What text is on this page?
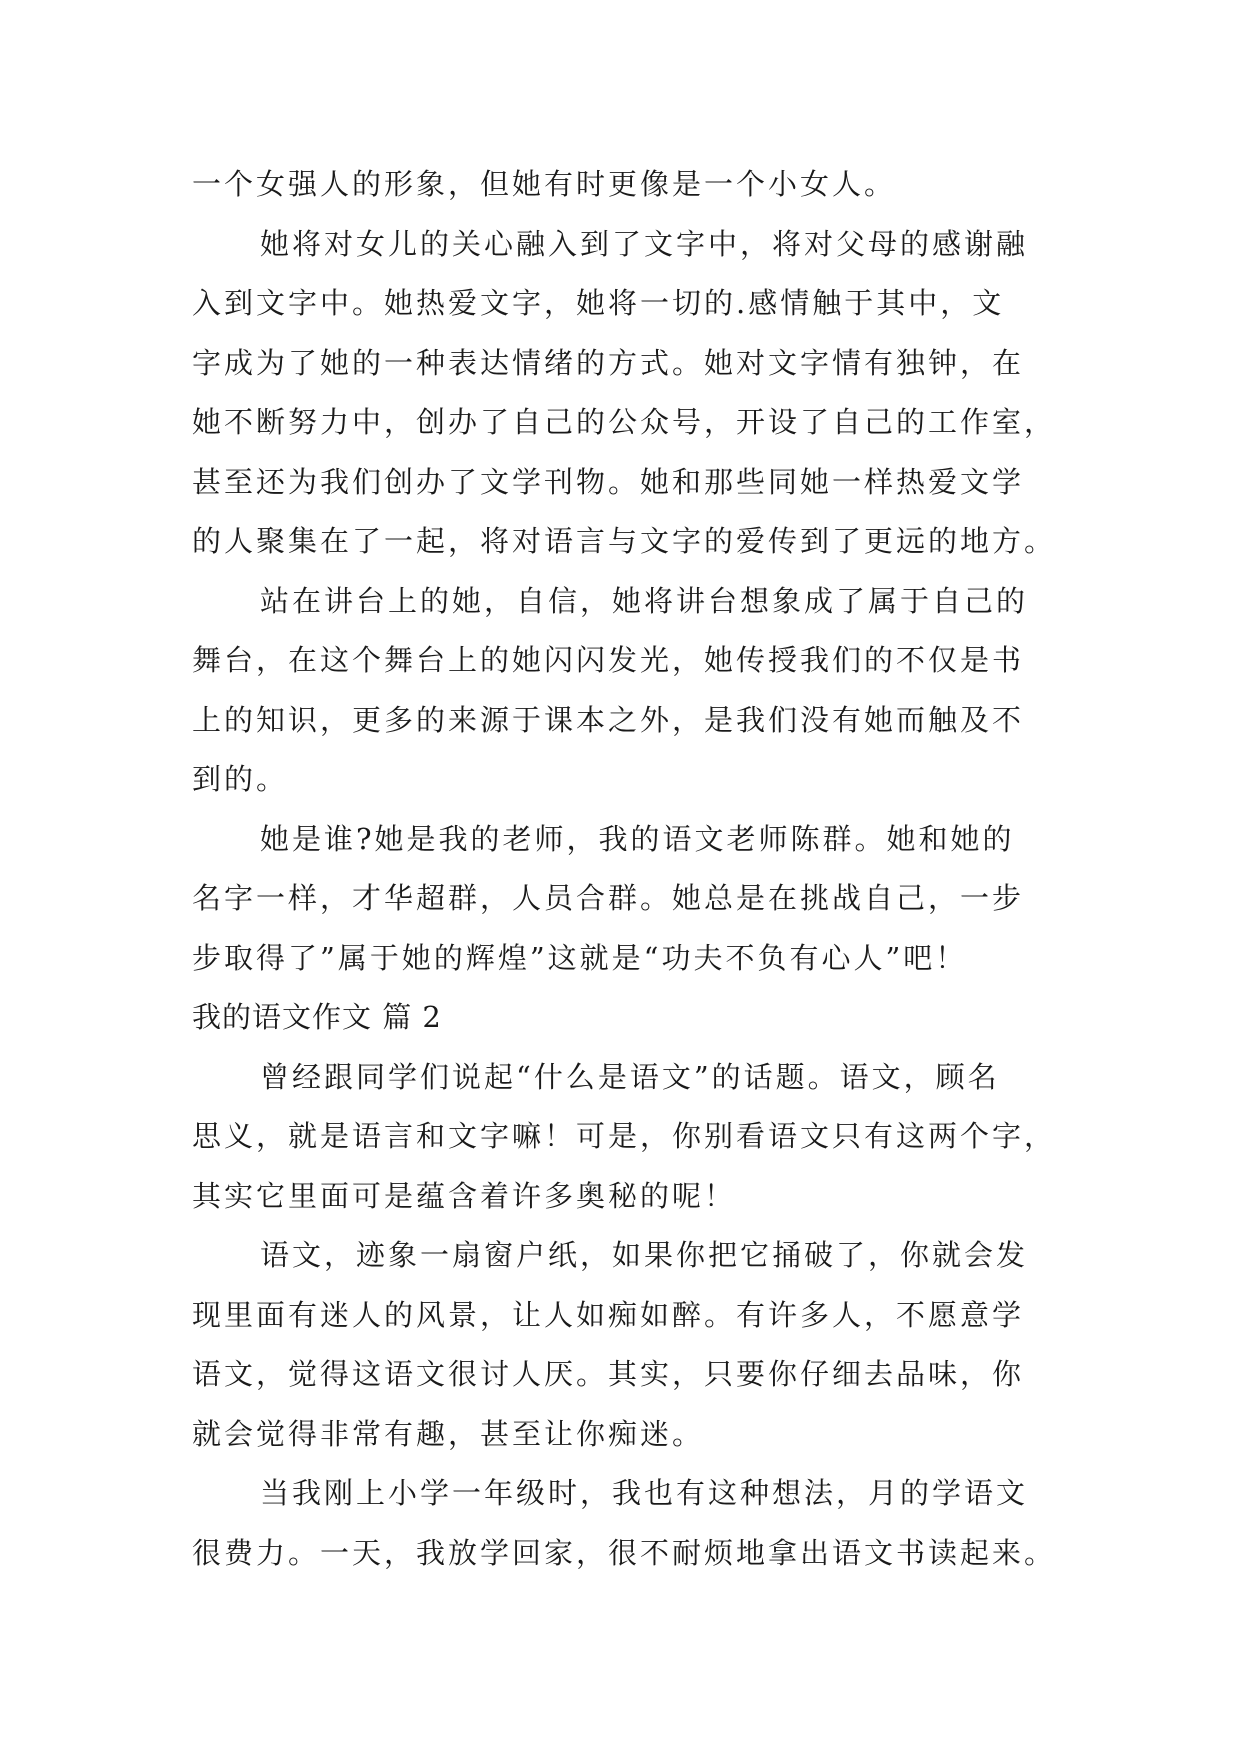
一个女强人的形象，但她有时更像是一个小女人。
她将对女儿的关心融入到了文字中，将对父母的感谢融
入到文字中。她热爱文字，她将一切的.感情触于其中，文
字成为了她的一种表达情绪的方式。她对文字情有独钟，在
她不断努力中，创办了自己的公众号，开设了自己的工作室，
甚至还为我们创办了文学刊物。她和那些同她一样热爱文学
的人聚集在了一起，将对语言与文字的爱传到了更远的地方。
站在讲台上的她，自信，她将讲台想象成了属于自己的
舞台，在这个舞台上的她闪闪发光，她传授我们的不仅是书
上的知识，更多的来源于课本之外，是我们没有她而触及不
到的。
她是谁?她是我的老师，我的语文老师陈群。她和她的
名字一样，才华超群，人员合群。她总是在挑战自己，一步
步取得了”属于她的辉煌”这就是“功夫不负有心人”吧！
我的语文作文 篇 2
曾经跟同学们说起“什么是语文”的话题。语文，顾名
思义，就是语言和文字嘛！可是，你别看语文只有这两个字，
其实它里面可是蕴含着许多奥秘的呢！
语文，迹象一扇窗户纸，如果你把它捅破了，你就会发
现里面有迷人的风景，让人如痴如醉。有许多人，不愿意学
语文，觉得这语文很讨人厌。其实，只要你仔细去品味，你
就会觉得非常有趣，甚至让你痴迷。
当我刚上小学一年级时，我也有这种想法，月的学语文
很费力。一天，我放学回家，很不耐烦地拿出语文书读起来。
